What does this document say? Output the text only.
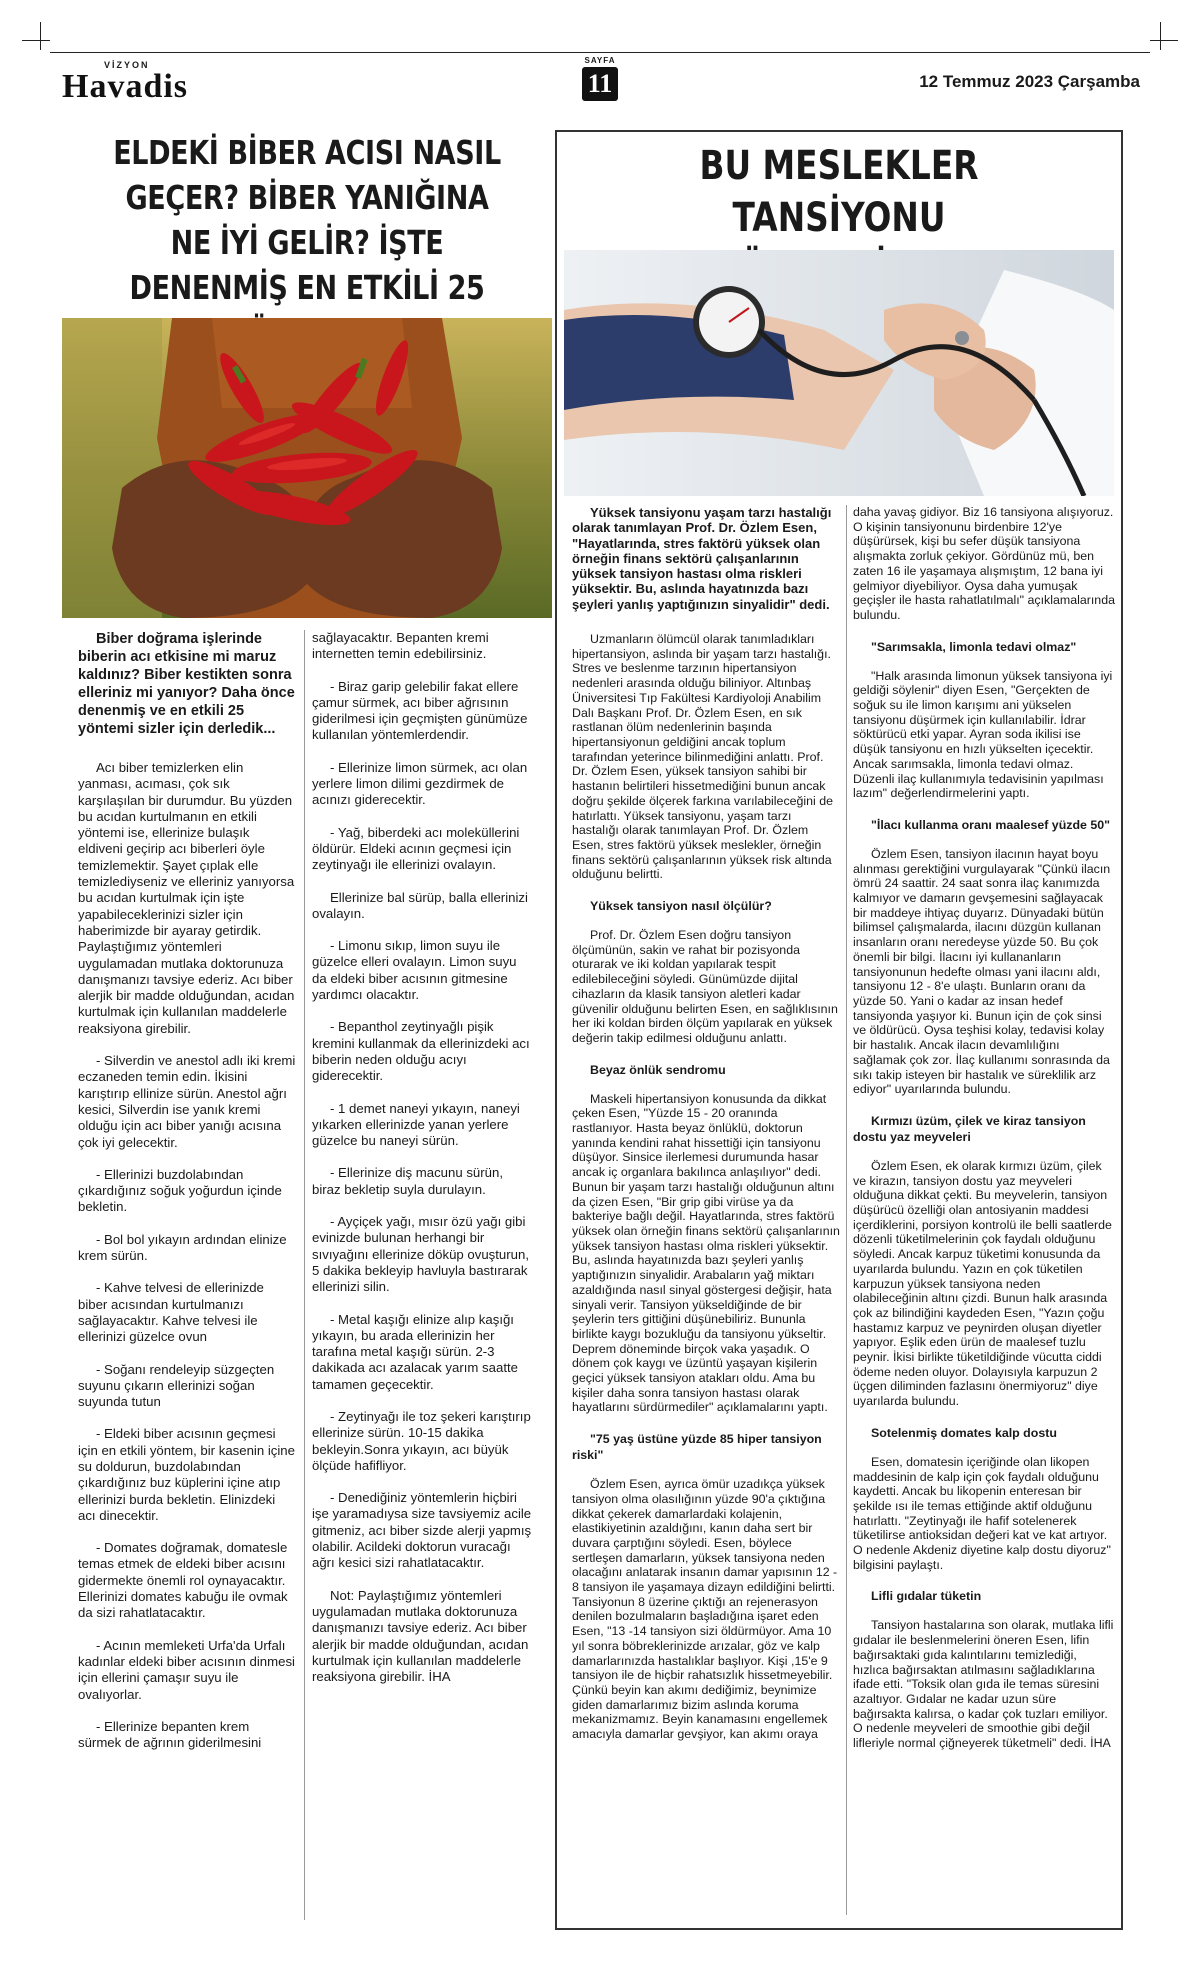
VİZYON
Havadis
SAYFA
11	12 Temmuz 2023 Çarşamba
ELDEKİ BİBER ACISI NASIL GEÇER? BİBER YANIĞINA NE İYİ GELİR? İŞTE DENENMİŞ EN ETKİLİ 25

Biber doğrama işlerinde biberin acı etkisine mi maruz kaldınız? Biber kestikten sonra elleriniz mi yanıyor? Daha önce denenmiş ve en etkili 25 yöntemi sizler için derledik...

Acı biber temizlerken elin yanması, acıması, çok sık karşılaşılan bir durumdur. Bu yüzden bu acıdan kurtulmanın en etkili yöntemi ise, ellerinize bulaşık eldiveni geçirip acı biberleri öyle temizlemektir. Şayet çıplak elle temizlediyseniz ve elleriniz yanıyorsa bu acıdan kurtulmak için işte yapabileceklerinizi sizler için haberimizde bir ayaray getirdik. Paylaştığımız yöntemleri uygulamadan mutlaka doktorunuza danışmanızı tavsiye ederiz. Acı biber alerjik bir madde olduğundan, acıdan kurtulmak için kullanılan maddelerle reaksiyona girebilir.

- Silverdin ve anestol adlı iki kremi eczaneden temin edin. İkisini karıştırıp ellinize sürün. Anestol ağrı kesici, Silverdin ise yanık kremi olduğu için acı biber yanığı acısına çok iyi gelecektir.

- Ellerinizi buzdolabından çıkardığınız soğuk yoğurdun içinde bekletin.

- Bol bol yıkayın ardından elinize krem sürün.

- Kahve telvesi de ellerinizde biber acısından kurtulmanızı sağlayacaktır. Kahve telvesi ile ellerinizi güzelce ovun

- Soğanı rendeleyip süzgeçten suyunu çıkarın ellerinizi soğan suyunda tutun

- Eldeki biber acısının geçmesi için en etkili yöntem, bir kasenin içine su doldurun, buzdolabından çıkardığınız buz küplerini içine atıp ellerinizi burda bekletin. Elinizdeki acı dinecektir.

- Domates doğramak, domatesle temas etmek de eldeki biber acısını gidermekte önemli rol oynayacaktır. Ellerinizi domates kabuğu ile ovmak da sizi rahatlatacaktır.

- Acının memleketi Urfa'da Urfalı kadınlar eldeki biber acısının dinmesi için ellerini çamaşır suyu ile ovalıyorlar.

- Ellerinize bepanten krem sürmek de ağrının giderilmesini

sağlayacaktır. Bepanten kremi internetten temin edebilirsiniz.

- Biraz garip gelebilir fakat ellere çamur sürmek, acı biber ağrısının giderilmesi için geçmişten günümüze kullanılan yöntemlerdendir.

- Ellerinize limon sürmek, acı olan yerlere limon dilimi gezdirmek de acınızı giderecektir.

- Yağ, biberdeki acı moleküllerini öldürür. Eldeki acının geçmesi için zeytinyağı ile ellerinizi ovalayın.

Ellerinize bal sürüp, balla ellerinizi ovalayın.

- Limonu sıkıp, limon suyu ile güzelce elleri ovalayın. Limon suyu da eldeki biber acısının gitmesine yardımcı olacaktır.

- Bepanthol zeytinyağlı pişik kremini kullanmak da ellerinizdeki acı biberin neden olduğu acıyı giderecektir.

- 1 demet naneyi yıkayın, naneyi yıkarken ellerinizde yanan yerlere güzelce bu naneyi sürün.

- Ellerinize diş macunu sürün, biraz bekletip suyla durulayın.

- Ayçiçek yağı, mısır özü yağı gibi evinizde bulunan herhangi bir sıvıyağını ellerinize döküp ovuşturun, 5 dakika bekleyip havluyla bastırarak ellerinizi silin.

- Metal kaşığı elinize alıp kaşığı yıkayın, bu arada ellerinizin her tarafına metal kaşığı sürün. 2-3 dakikada acı azalacak yarım saatte tamamen geçecektir.

- Zeytinyağı ile toz şekeri karıştırıp ellerinize sürün. 10-15 dakika bekleyin.Sonra yıkayın, acı büyük ölçüde hafifliyor.

- Denediğiniz yöntemlerin hiçbiri işe yaramadıysa size tavsiyemiz acile gitmeniz, acı biber sizde alerji yapmış olabilir. Acildeki doktorun vuracağı ağrı kesici sizi rahatlatacaktır.

Not: Paylaştığımız yöntemleri uygulamadan mutlaka doktorunuza danışmanızı tavsiye ederiz. Acı biber alerjik bir madde olduğundan, acıdan kurtulmak için kullanılan maddelerle reaksiyona girebilir. İHA

BU MESLEKLER TANSİYONU

Yüksek tansiyonu yaşam tarzı hastalığı olarak tanımlayan Prof. Dr. Özlem Esen, "Hayatlarında, stres faktörü yüksek olan örneğin finans sektörü çalışanlarının yüksek tansiyon hastası olma riskleri yüksektir. Bu, aslında hayatınızda bazı şeyleri yanlış yaptığınızın sinyalidir" dedi.

Uzmanların ölümcül olarak tanımladıkları hipertansiyon, aslında bir yaşam tarzı hastalığı. Stres ve beslenme tarzının hipertansiyon nedenleri arasında olduğu biliniyor. Altınbaş Üniversitesi Tıp Fakültesi Kardiyoloji Anabilim Dalı Başkanı Prof. Dr. Özlem Esen, en sık rastlanan ölüm nedenlerinin başında hipertansiyonun geldiğini ancak toplum tarafından yeterince bilinmediğini anlattı. Prof. Dr. Özlem Esen, yüksek tansiyon sahibi bir hastanın belirtileri hissetmediğini bunun ancak doğru şekilde ölçerek farkına varılabileceğini de hatırlattı. Yüksek tansiyonu, yaşam tarzı hastalığı olarak tanımlayan Prof. Dr. Özlem Esen, stres faktörü yüksek meslekler, örneğin finans sektörü çalışanlarının yüksek risk altında olduğunu belirtti.

Yüksek tansiyon nasıl ölçülür?

Prof. Dr. Özlem Esen doğru tansiyon ölçümünün, sakin ve rahat bir pozisyonda oturarak ve iki koldan yapılarak tespit edilebileceğini söyledi. Günümüzde dijital cihazların da klasik tansiyon aletleri kadar güvenilir olduğunu belirten Esen, en sağlıklısının her iki koldan birden ölçüm yapılarak en yüksek değerin takip edilmesi olduğunu anlattı.

Beyaz önlük sendromu

Maskeli hipertansiyon konusunda da dikkat çeken Esen, "Yüzde 15 - 20 oranında rastlanıyor. Hasta beyaz önlüklü, doktorun yanında kendini rahat hissettiği için tansiyonu düşüyor. Sinsice ilerlemesi durumunda hasar ancak iç organlara bakılınca anlaşılıyor" dedi. Bunun bir yaşam tarzı hastalığı olduğunun altını da çizen Esen, "Bir grip gibi virüse ya da bakteriye bağlı değil. Hayatlarında, stres faktörü yüksek olan örneğin finans sektörü çalışanlarının yüksek tansiyon hastası olma riskleri yüksektir. Bu, aslında hayatınızda bazı şeyleri yanlış yaptığınızın sinyalidir. Arabaların yağ miktarı azaldığında nasıl sinyal göstergesi değişir, hata sinyali verir. Tansiyon yükseldiğinde de bir şeylerin ters gittiğini düşünebiliriz. Bununla birlikte kaygı bozukluğu da tansiyonu yükseltir. Deprem döneminde birçok vaka yaşadık. O dönem çok kaygı ve üzüntü yaşayan kişilerin geçici yüksek tansiyon atakları oldu. Ama bu kişiler daha sonra tansiyon hastası olarak hayatlarını sürdürmediler" açıklamalarını yaptı.

"75 yaş üstüne yüzde 85 hiper tansiyon riski"

Özlem Esen, ayrıca ömür uzadıkça yüksek tansiyon olma olasılığının yüzde 90'a çıktığına dikkat çekerek damarlardaki kolajenin, elastikiyetinin azaldığını, kanın daha sert bir duvara çarptığını söyledi. Esen, böylece sertleşen damarların, yüksek tansiyona neden olacağını anlatarak insanın damar yapısının 12 - 8 tansiyon ile yaşamaya dizayn edildiğini belirtti. Tansiyonun 8 üzerine çıktığı an rejenerasyon denilen bozulmaların başladığına işaret eden Esen, "13 -14 tansiyon sizi öldürmüyor. Ama 10 yıl sonra böbreklerinizde arızalar, göz ve kalp damarlarınızda hastalıklar başlıyor. Kişi ,15'e 9 tansiyon ile de hiçbir rahatsızlık hissetmeyebilir. Çünkü beyin kan akımı dediğimiz, beynimize giden damarlarımız bizim aslında koruma mekanizmamız. Beyin kanamasını engellemek amacıyla damarlar gevşiyor, kan akımı oraya

daha yavaş gidiyor. Biz 16 tansiyona alışıyoruz. O kişinin tansiyonunu birdenbire 12'ye düşürürsek, kişi bu sefer düşük tansiyona alışmakta zorluk çekiyor. Gördünüz mü, ben zaten 16 ile yaşamaya alışmıştım, 12 bana iyi gelmiyor diyebiliyor. Oysa daha yumuşak geçişler ile hasta rahatlatılmalı" açıklamalarında bulundu.

"Sarımsakla, limonla tedavi olmaz"

"Halk arasında limonun yüksek tansiyona iyi geldiği söylenir" diyen Esen, "Gerçekten de soğuk su ile limon karışımı ani yükselen tansiyonu düşürmek için kullanılabilir. İdrar söktürücü etki yapar. Ayran soda ikilisi ise düşük tansiyonu en hızlı yükselten içecektir. Ancak sarımsakla, limonla tedavi olmaz. Düzenli ilaç kullanımıyla tedavisinin yapılması lazım" değerlendirmelerini yaptı.

"İlacı kullanma oranı maalesef yüzde 50"

Özlem Esen, tansiyon ilacının hayat boyu alınması gerektiğini vurgulayarak "Çünkü ilacın ömrü 24 saattir. 24 saat sonra ilaç kanımızda kalmıyor ve damarın gevşemesini sağlayacak bir maddeye ihtiyaç duyarız. Dünyadaki bütün bilimsel çalışmalarda, ilacını düzgün kullanan insanların oranı neredeyse yüzde 50. Bu çok önemli bir bilgi. İlacını iyi kullananların tansiyonunun hedefte olması yani ilacını aldı, tansiyonu 12 - 8'e ulaştı. Bunların oranı da yüzde 50. Yani o kadar az insan hedef tansiyonda yaşıyor ki. Bunun için de çok sinsi ve öldürücü. Oysa teşhisi kolay, tedavisi kolay bir hastalık. Ancak ilacın devamlılığını sağlamak çok zor. İlaç kullanımı sonrasında da sıkı takip isteyen bir hastalık ve süreklilik arz ediyor" uyarılarında bulundu.

Kırmızı üzüm, çilek ve kiraz tansiyon dostu yaz meyveleri

Özlem Esen, ek olarak kırmızı üzüm, çilek ve kirazın, tansiyon dostu yaz meyveleri olduğuna dikkat çekti. Bu meyvelerin, tansiyon düşürücü özelliği olan antosiyanin maddesi içerdiklerini, porsiyon kontrolü ile belli saatlerde dözenli tüketilmelerinin çok faydalı olduğunu söyledi. Ancak karpuz tüketimi konusunda da uyarılarda bulundu. Yazın en çok tüketilen karpuzun yüksek tansiyona neden olabileceğinin altını çizdi. Bunun halk arasında çok az bilindiğini kaydeden Esen, "Yazın çoğu hastamız karpuz ve peynirden oluşan diyetler yapıyor. Eşlik eden ürün de maalesef tuzlu peynir. İkisi birlikte tüketildiğinde vücutta ciddi ödeme neden oluyor. Dolayısıyla karpuzun 2 üçgen diliminden fazlasını önermiyoruz" diye uyarılarda bulundu.

Sotelenmiş domates kalp dostu

Esen, domatesin içeriğinde olan likopen maddesinin de kalp için çok faydalı olduğunu kaydetti. Ancak bu likopenin enteresan bir şekilde ısı ile temas ettiğinde aktif olduğunu hatırlattı. "Zeytinyağı ile hafif sotelenerek tüketilirse antioksidan değeri kat ve kat artıyor. O nedenle Akdeniz diyetine kalp dostu diyoruz" bilgisini paylaştı.

Lifli gıdalar tüketin

Tansiyon hastalarına son olarak, mutlaka lifli gıdalar ile beslenmelerini öneren Esen, lifin bağırsaktaki gıda kalıntılarını temizlediği, hızlıca bağırsaktan atılmasını sağladıklarına ifade etti. "Toksik olan gıda ile temas süresini azaltıyor. Gıdalar ne kadar uzun süre bağırsakta kalırsa, o kadar çok tuzları emiliyor. O nedenle meyveleri de smoothie gibi değil lifleriyle normal çiğneyerek tüketmeli" dedi. İHA
